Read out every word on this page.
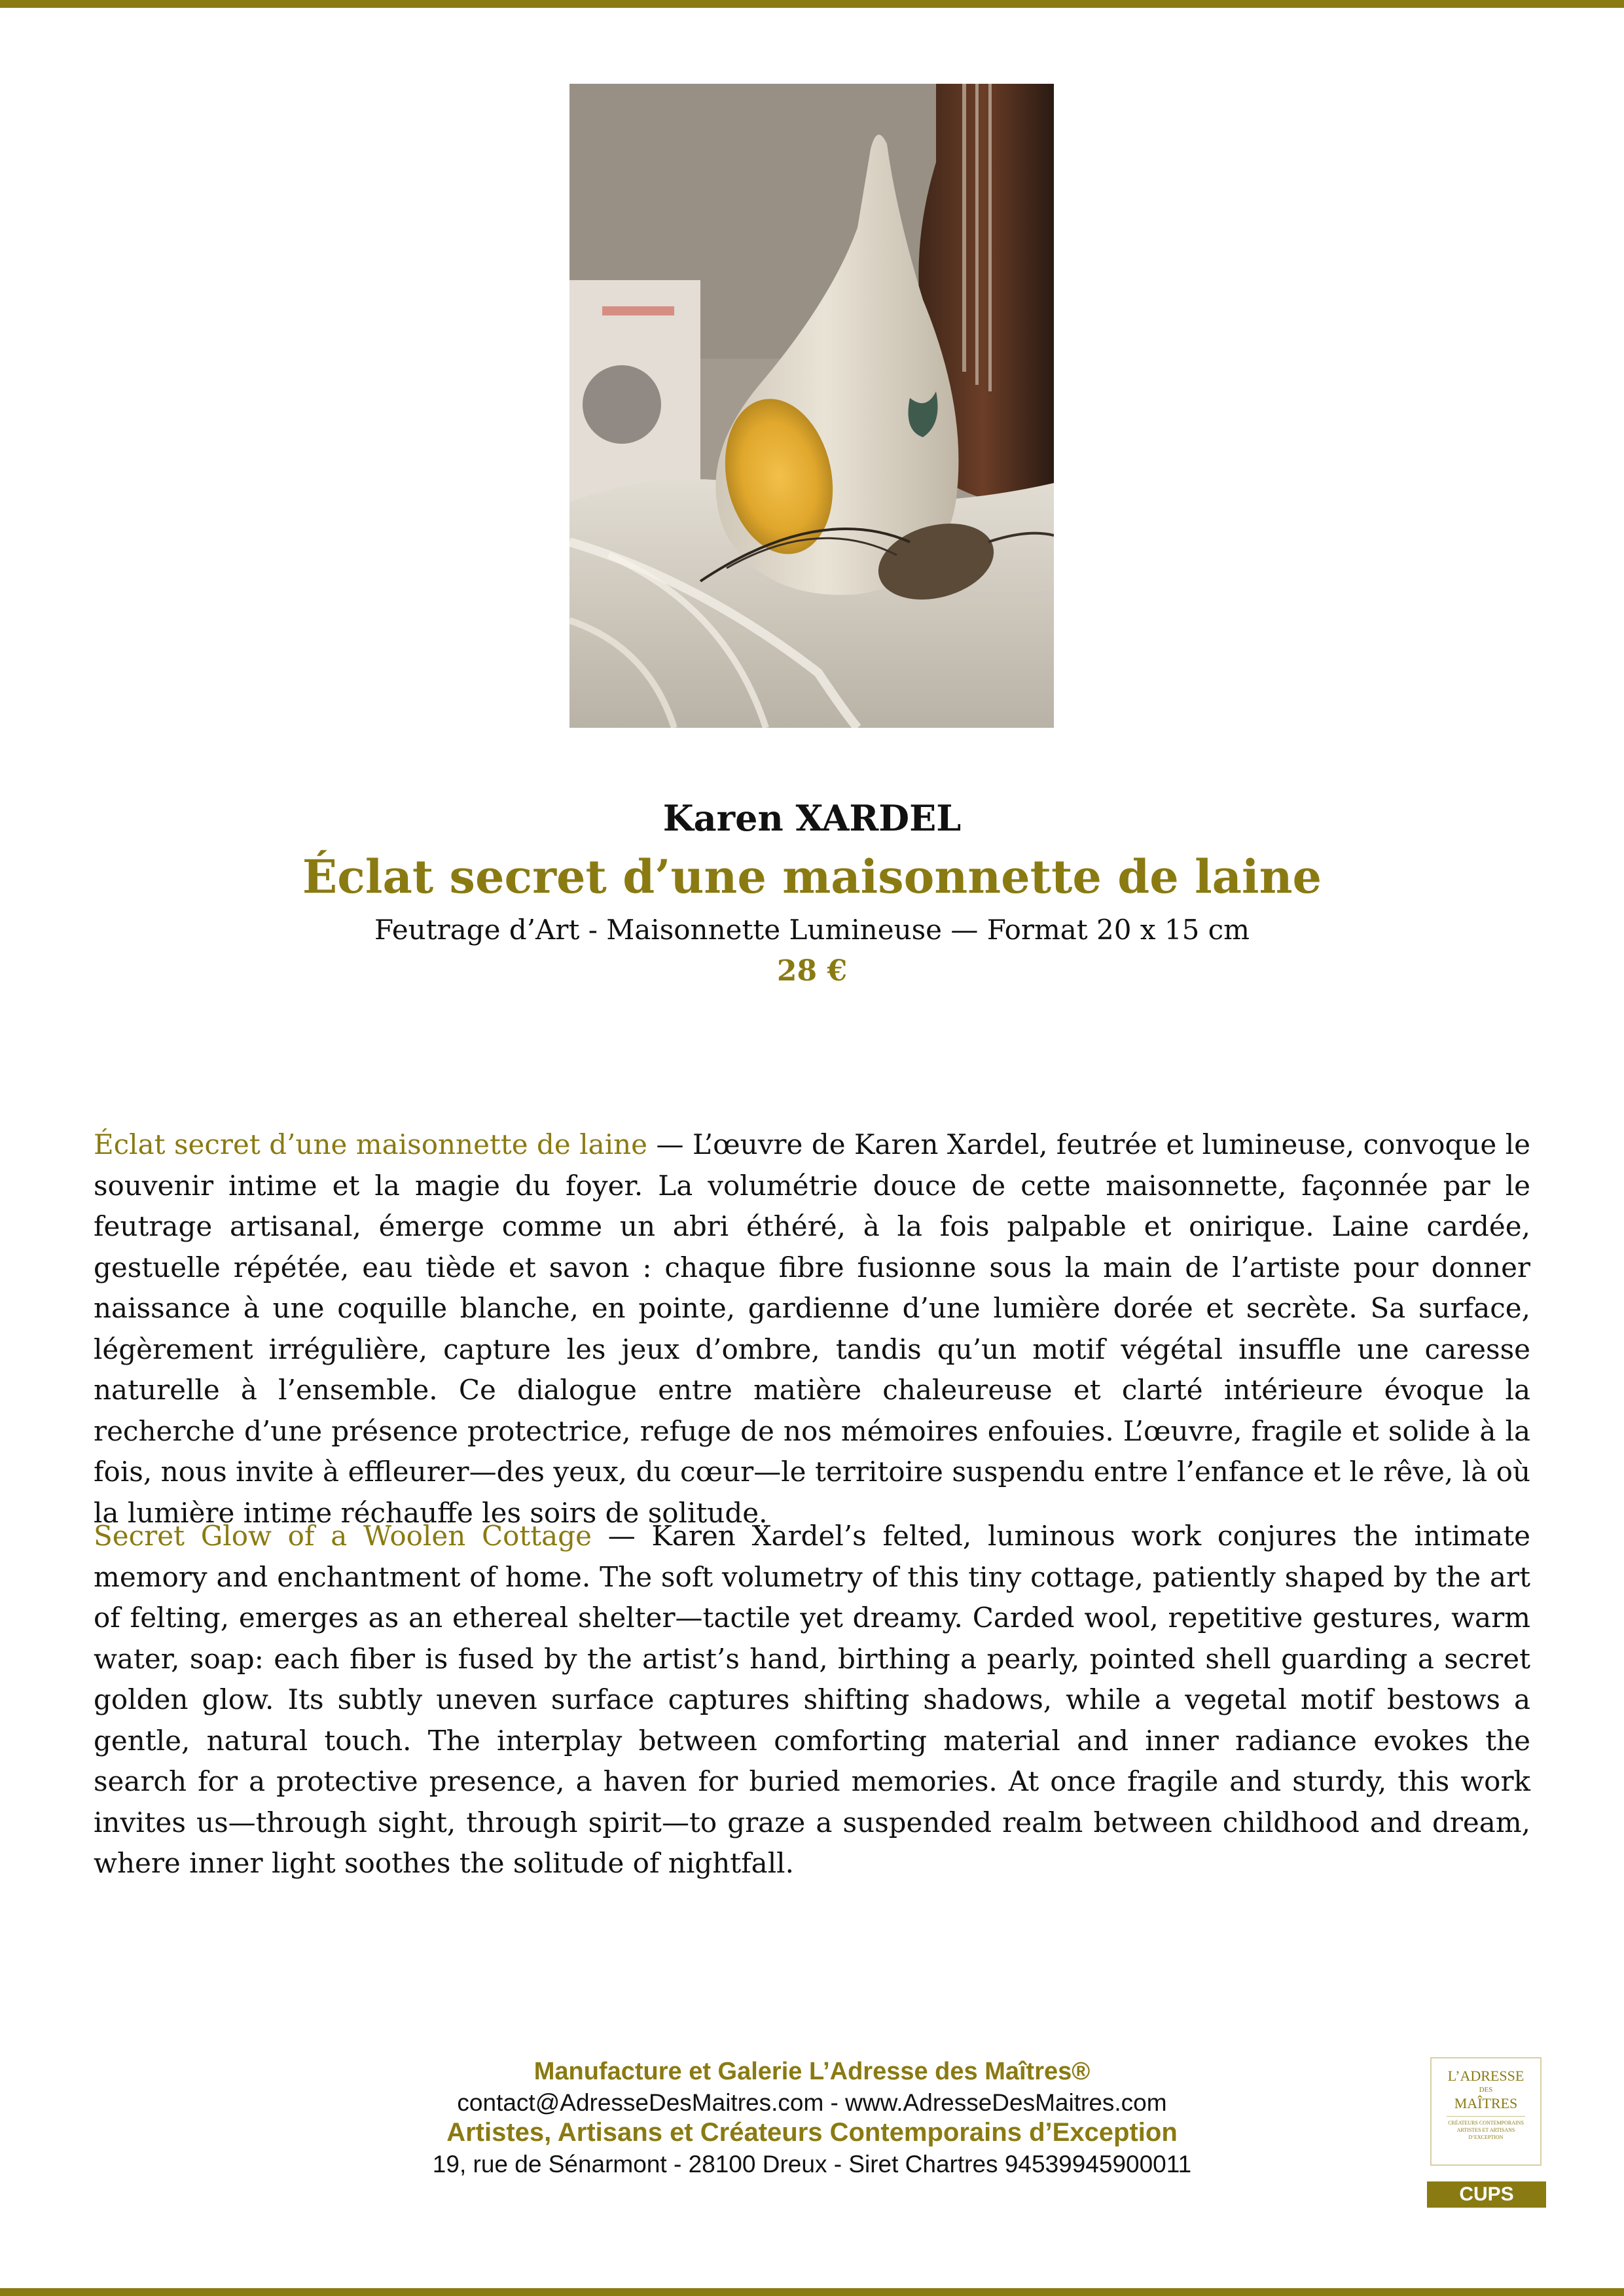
Karen XARDEL
Éclat secret d’une maisonnette de laine
Feutrage d’Art - Maisonnette Lumineuse — Format 20 x 15 cm
28 €

Éclat secret d’une maisonnette de laine — L’œuvre de Karen Xardel, feutrée et lumineuse, convoque le souvenir intime et la magie du foyer. La volumétrie douce de cette maisonnette, façonnée par le feutrage artisanal, émerge comme un abri éthéré, à la fois palpable et onirique. Laine cardée, gestuelle répétée, eau tiède et savon : chaque fibre fusionne sous la main de l’artiste pour donner naissance à une coquille blanche, en pointe, gardienne d’une lumière dorée et secrète. Sa surface, légèrement irrégulière, capture les jeux d’ombre, tandis qu’un motif végétal insuffle une caresse naturelle à l’ensemble. Ce dialogue entre matière chaleureuse et clarté intérieure évoque la recherche d’une présence protectrice, refuge de nos mémoires enfouies. L’œuvre, fragile et solide à la fois, nous invite à effleurer—des yeux, du cœur—le territoire suspendu entre l’enfance et le rêve, là où la lumière intime réchauffe les soirs de solitude.

Secret Glow of a Woolen Cottage — Karen Xardel’s felted, luminous work conjures the intimate memory and enchantment of home. The soft volumetry of this tiny cottage, patiently shaped by the art of felting, emerges as an ethereal shelter—tactile yet dreamy. Carded wool, repetitive gestures, warm water, soap: each fiber is fused by the artist’s hand, birthing a pearly, pointed shell guarding a secret golden glow. Its subtly uneven surface captures shifting shadows, while a vegetal motif bestows a gentle, natural touch. The interplay between comforting material and inner radiance evokes the search for a protective presence, a haven for buried memories. At once fragile and sturdy, this work invites us—through sight, through spirit—to graze a suspended realm between childhood and dream, where inner light soothes the solitude of nightfall.

Manufacture et Galerie L’Adresse des Maîtres®
contact@AdresseDesMaitres.com - www.AdresseDesMaitres.com
Artistes, Artisans et Créateurs Contemporains d’Exception
19, rue de Sénarmont - 28100 Dreux - Siret Chartres 94539945900011
L’ADRESSE
DES
MAÎTRES
CRÉATEURS CONTEMPORAINS ARTISTES ET ARTISANS D’EXCEPTION
CUPS
